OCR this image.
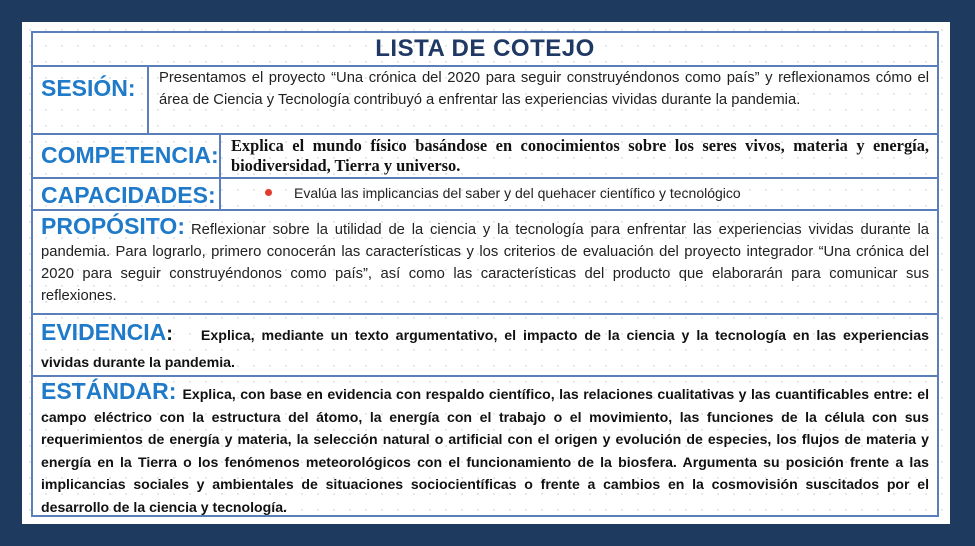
LISTA DE COTEJO
SESIÓN:	Presentamos el proyecto “Una crónica del 2020 para seguir construyéndonos como país” y reflexionamos cómo el área de Ciencia y Tecnología contribuyó a enfrentar las experiencias vividas durante la pandemia.
COMPETENCIA: Explica el mundo físico basándose en conocimientos sobre los seres vivos, materia y energía, biodiversidad, Tierra y universo.
CAPACIDADES:	Evalúa las implicancias del saber y del quehacer científico y tecnológico
PROPÓSITO: Reflexionar sobre la utilidad de la ciencia y la tecnología para enfrentar las experiencias vividas durante la pandemia. Para lograrlo, primero conocerán las características y los criterios de evaluación del proyecto integrador “Una crónica del 2020 para seguir construyéndonos como país”, así como las características del producto que elaborarán para comunicar sus reflexiones.
EVIDENCIA: Explica, mediante un texto argumentativo, el impacto de la ciencia y la tecnología en las experiencias vividas durante la pandemia.
ESTÁNDAR: Explica, con base en evidencia con respaldo científico, las relaciones cualitativas y las cuantificables entre: el campo eléctrico con la estructura del átomo, la energía con el trabajo o el movimiento, las funciones de la célula con sus requerimientos de energía y materia, la selección natural o artificial con el origen y evolución de especies, los flujos de materia y energía en la Tierra o los fenómenos meteorológicos con el funcionamiento de la biosfera. Argumenta su posición frente a las implicancias sociales y ambientales de situaciones sociocientíficas o frente a cambios en la cosmovisión suscitados por el desarrollo de la ciencia y tecnología.
